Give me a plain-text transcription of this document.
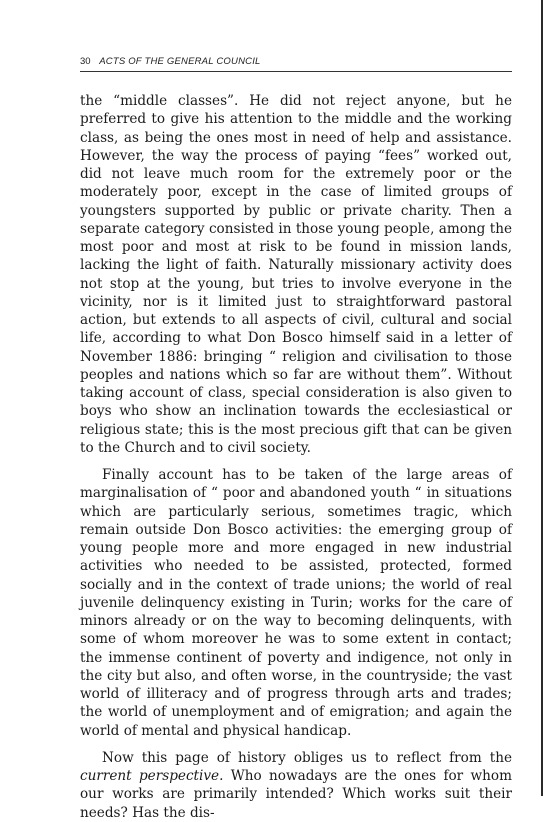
30 ACTS OF THE GENERAL COUNCIL

the “middle classes”. He did not reject anyone, but he preferred to give his attention to the middle and the working class, as being the ones most in need of help and assistance. However, the way the process of paying “fees” worked out, did not leave much room for the extremely poor or the moderately poor, except in the case of limited groups of youngsters supported by public or private charity. Then a separate category consisted in those young people, among the most poor and most at risk to be found in mission lands, lacking the light of faith. Naturally missionary activity does not stop at the young, but tries to involve everyone in the vicinity, nor is it limited just to straightforward pastoral action, but extends to all aspects of civil, cultural and social life, according to what Don Bosco himself said in a letter of November 1886: bringing “ religion and civilisation to those peoples and nations which so far are without them”. Without taking account of class, special consideration is also given to boys who show an inclination towards the ecclesiastical or religious state; this is the most precious gift that can be given to the Church and to civil society.

Finally account has to be taken of the large areas of marginalisation of “ poor and abandoned youth “ in situations which are particularly serious, sometimes tragic, which remain outside Don Bosco activities: the emerging group of young people more and more engaged in new industrial activities who needed to be assisted, protected, formed socially and in the context of trade unions; the world of real juvenile delinquency existing in Turin; works for the care of minors already or on the way to becoming delinquents, with some of whom moreover he was to some extent in contact; the immense continent of poverty and indigence, not only in the city but also, and often worse, in the countryside; the vast world of illiteracy and of progress through arts and trades; the world of unemployment and of emigration; and again the world of mental and physical handicap.

Now this page of history obliges us to reflect from the current perspective. Who nowadays are the ones for whom our works are primarily intended? Which works suit their needs? Has the dis-
